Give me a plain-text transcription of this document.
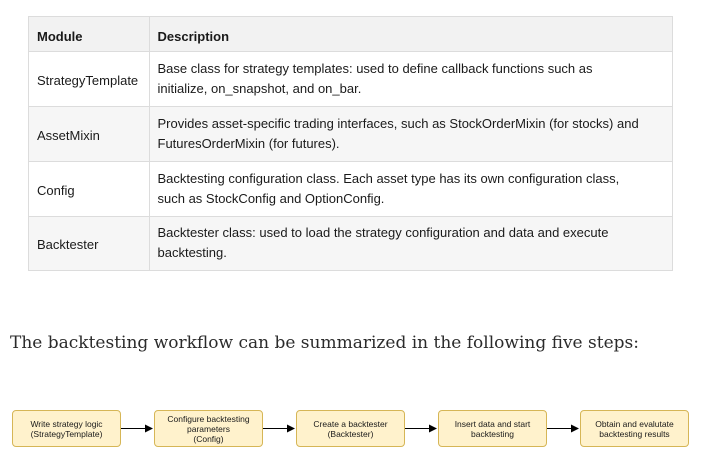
Module	Description
StrategyTemplate	Base class for strategy templates: used to define callback functions such as
initialize, on_snapshot, and on_bar.

AssetMixin	Provides asset-specific trading interfaces, such as StockOrderMixin (for stocks) and
FuturesOrderMixin (for futures).

Config	Backtesting configuration class. Each asset type has its own configuration class,
such as StockConfig and OptionConfig.

Backtester	Backtester class: used to load the strategy configuration and data and execute
backtesting.

The backtesting workflow can be summarized in the following five steps:

Write strategy logic
(StrategyTemplate)
Configure backtesting
parameters
(Config)
Create a backtester
(Backtester)
Insert data and start
backtesting
Obtain and evalutate
backtesting results
